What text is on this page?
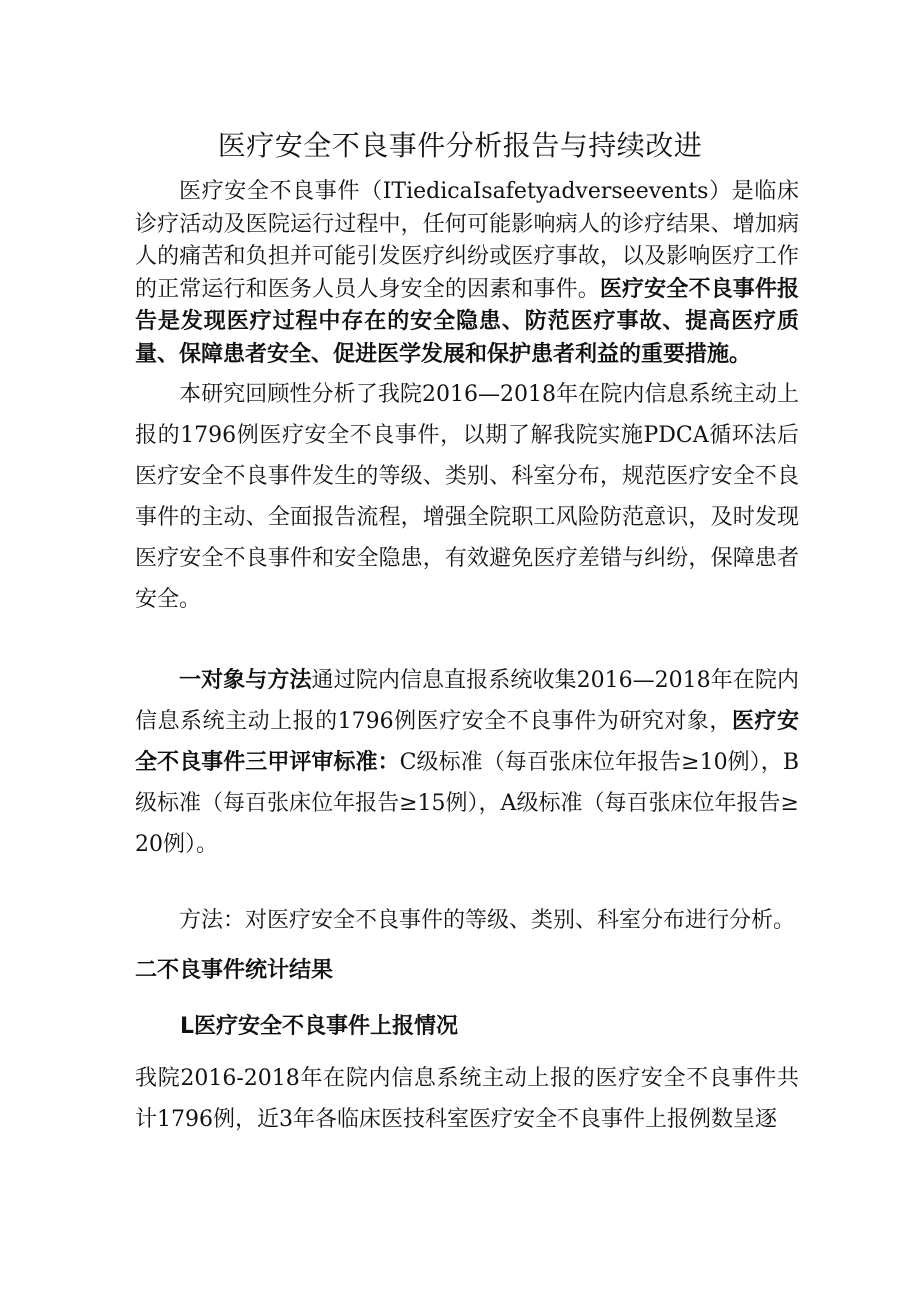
医疗安全不良事件分析报告与持续改进

医疗安全不良事件（ITiedicaIsafetyadverseevents）是临床诊疗活动及医院运行过程中，任何可能影响病人的诊疗结果、增加病人的痛苦和负担并可能引发医疗纠纷或医疗事故，以及影响医疗工作的正常运行和医务人员人身安全的因素和事件。医疗安全不良事件报告是发现医疗过程中存在的安全隐患、防范医疗事故、提高医疗质量、保障患者安全、促进医学发展和保护患者利益的重要措施。

本研究回顾性分析了我院2016—2018年在院内信息系统主动上报的1796例医疗安全不良事件，以期了解我院实施PDCA循环法后医疗安全不良事件发生的等级、类别、科室分布，规范医疗安全不良事件的主动、全面报告流程，增强全院职工风险防范意识，及时发现医疗安全不良事件和安全隐患，有效避免医疗差错与纠纷，保障患者安全。

一对象与方法通过院内信息直报系统收集2016—2018年在院内信息系统主动上报的1796例医疗安全不良事件为研究对象，医疗安全不良事件三甲评审标准：C级标准（每百张床位年报告≥10例），B级标准（每百张床位年报告≥15例），A级标准（每百张床位年报告≥20例）。

方法：对医疗安全不良事件的等级、类别、科室分布进行分析。

二不良事件统计结果
L医疗安全不良事件上报情况

我院2016-2018年在院内信息系统主动上报的医疗安全不良事件共计1796例，近3年各临床医技科室医疗安全不良事件上报例数呈逐
